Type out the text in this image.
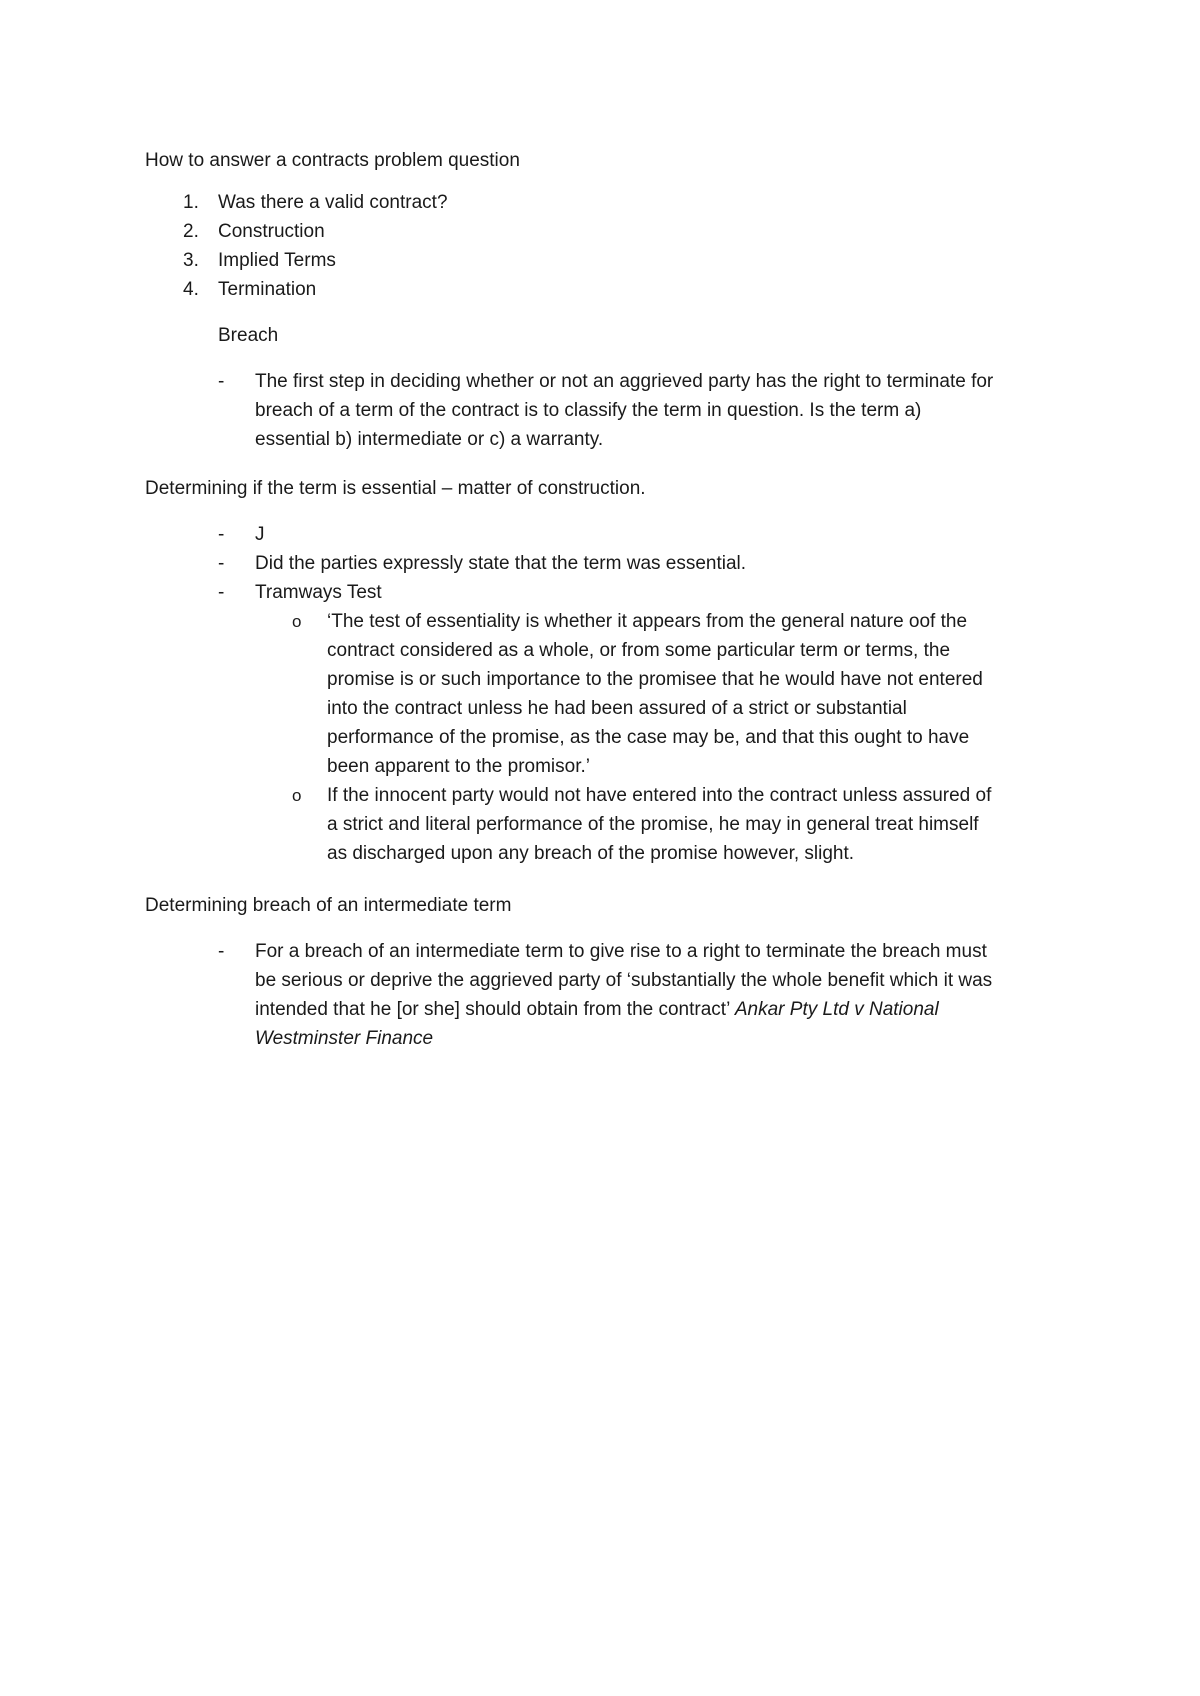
How to answer a contracts problem question
1.	Was there a valid contract?
2.	Construction
3.	Implied Terms
4.	Termination
Breach
- The first step in deciding whether or not an aggrieved party has the right to terminate for
breach of a term of the contract is to classify the term in question. Is the term a)
essential b) intermediate or c) a warranty.
Determining if the term is essential – matter of construction.
- J
- Did the parties expressly state that the term was essential.
- Tramways Test
o ‘The test of essentiality is whether it appears from the general nature oof the
contract considered as a whole, or from some particular term or terms, the
promise is or such importance to the promisee that he would have not entered
into the contract unless he had been assured of a strict or substantial
performance of the promise, as the case may be, and that this ought to have
been apparent to the promisor.’
o If the innocent party would not have entered into the contract unless assured of
a strict and literal performance of the promise, he may in general treat himself
as discharged upon any breach of the promise however, slight.
Determining breach of an intermediate term
- For a breach of an intermediate term to give rise to a right to terminate the breach must
be serious or deprive the aggrieved party of ‘substantially the whole benefit which it was
intended that he [or she] should obtain from the contract’ Ankar Pty Ltd v National
Westminster Finance
